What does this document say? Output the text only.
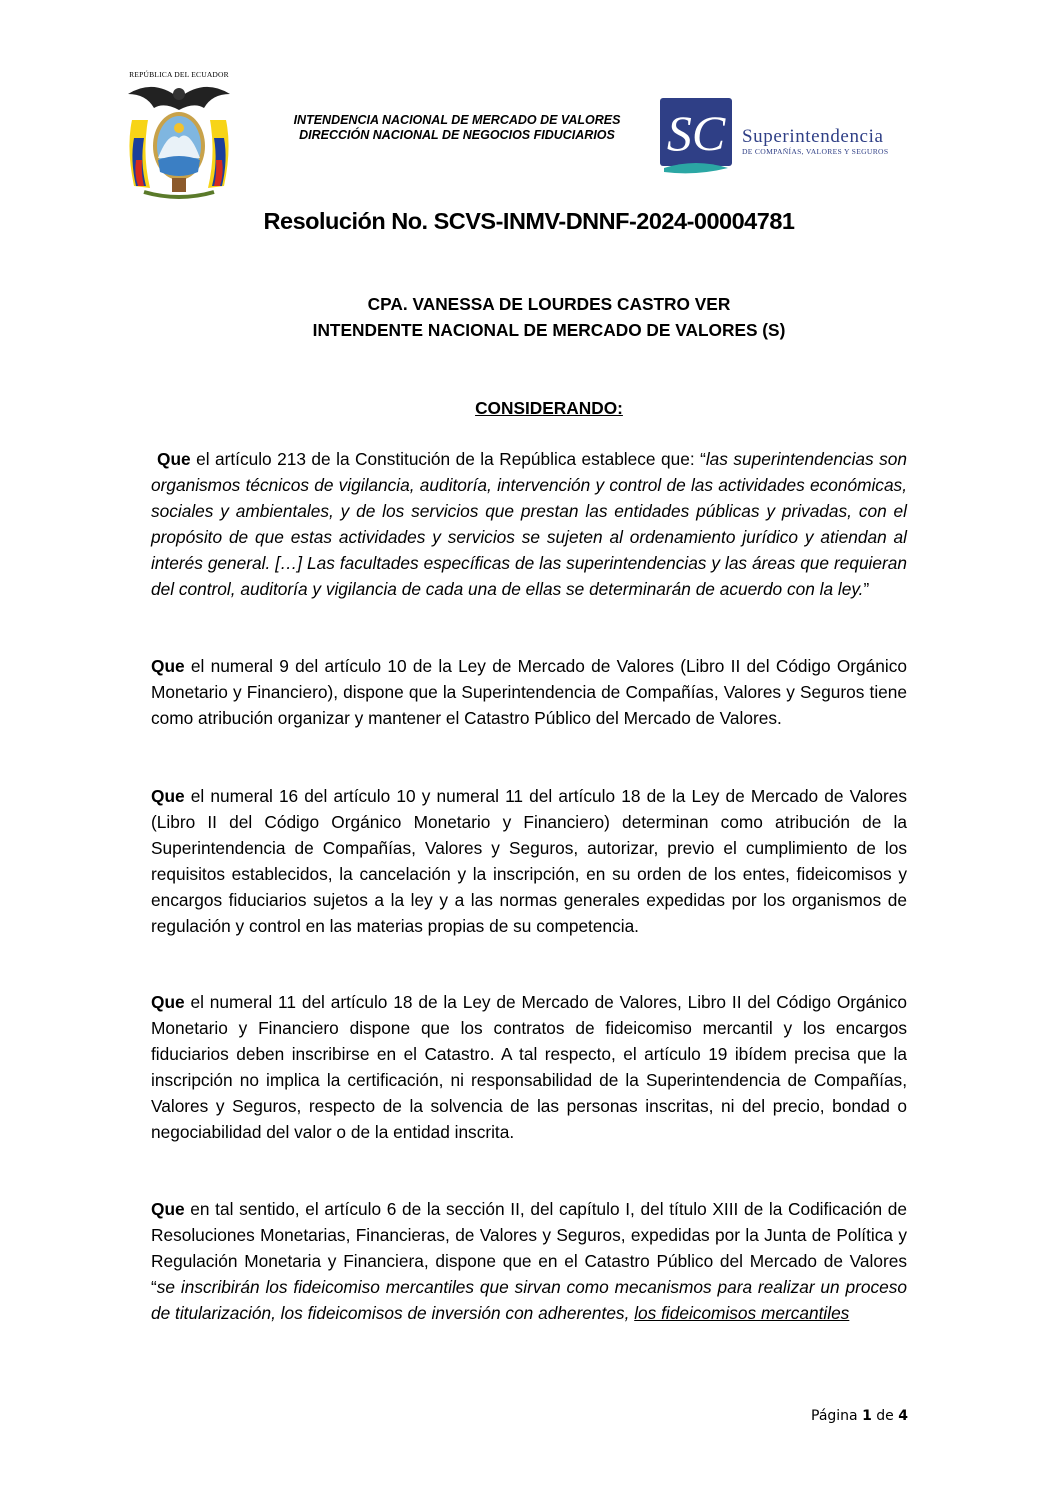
REPÚBLICA DEL ECUADOR
INTENDENCIA NACIONAL DE MERCADO DE VALORES
DIRECCIÓN NACIONAL DE NEGOCIOS FIDUCIARIOS	SC Superintendencia
DE COMPAÑÍAS, VALORES Y SEGUROS
Resolución No. SCVS-INMV-DNNF-2024-00004781
CPA. VANESSA DE LOURDES CASTRO VER
INTENDENTE NACIONAL DE MERCADO DE VALORES (S)
CONSIDERANDO:

Que el artículo 213 de la Constitución de la República establece que: “las superintendencias son organismos técnicos de vigilancia, auditoría, intervención y control de las actividades económicas, sociales y ambientales, y de los servicios que prestan las entidades públicas y privadas, con el propósito de que estas actividades y servicios se sujeten al ordenamiento jurídico y atiendan al interés general. […] Las facultades específicas de las superintendencias y las áreas que requieran del control, auditoría y vigilancia de cada una de ellas se determinarán de acuerdo con la ley.”

Que el numeral 9 del artículo 10 de la Ley de Mercado de Valores (Libro II del Código Orgánico Monetario y Financiero), dispone que la Superintendencia de Compañías, Valores y Seguros tiene como atribución organizar y mantener el Catastro Público del Mercado de Valores.

Que el numeral 16 del artículo 10 y numeral 11 del artículo 18 de la Ley de Mercado de Valores (Libro II del Código Orgánico Monetario y Financiero) determinan como atribución de la Superintendencia de Compañías, Valores y Seguros, autorizar, previo el cumplimiento de los requisitos establecidos, la cancelación y la inscripción, en su orden de los entes, fideicomisos y encargos fiduciarios sujetos a la ley y a las normas generales expedidas por los organismos de regulación y control en las materias propias de su competencia.

Que el numeral 11 del artículo 18 de la Ley de Mercado de Valores, Libro II del Código Orgánico Monetario y Financiero dispone que los contratos de fideicomiso mercantil y los encargos fiduciarios deben inscribirse en el Catastro. A tal respecto, el artículo 19 ibídem precisa que la inscripción no implica la certificación, ni responsabilidad de la Superintendencia de Compañías, Valores y Seguros, respecto de la solvencia de las personas inscritas, ni del precio, bondad o negociabilidad del valor o de la entidad inscrita.

Que en tal sentido, el artículo 6 de la sección II, del capítulo I, del título XIII de la Codificación de Resoluciones Monetarias, Financieras, de Valores y Seguros, expedidas por la Junta de Política y Regulación Monetaria y Financiera, dispone que en el Catastro Público del Mercado de Valores “se inscribirán los fideicomiso mercantiles que sirvan como mecanismos para realizar un proceso de titularización, los fideicomisos de inversión con adherentes, los fideicomisos mercantiles

Página 1 de 4
